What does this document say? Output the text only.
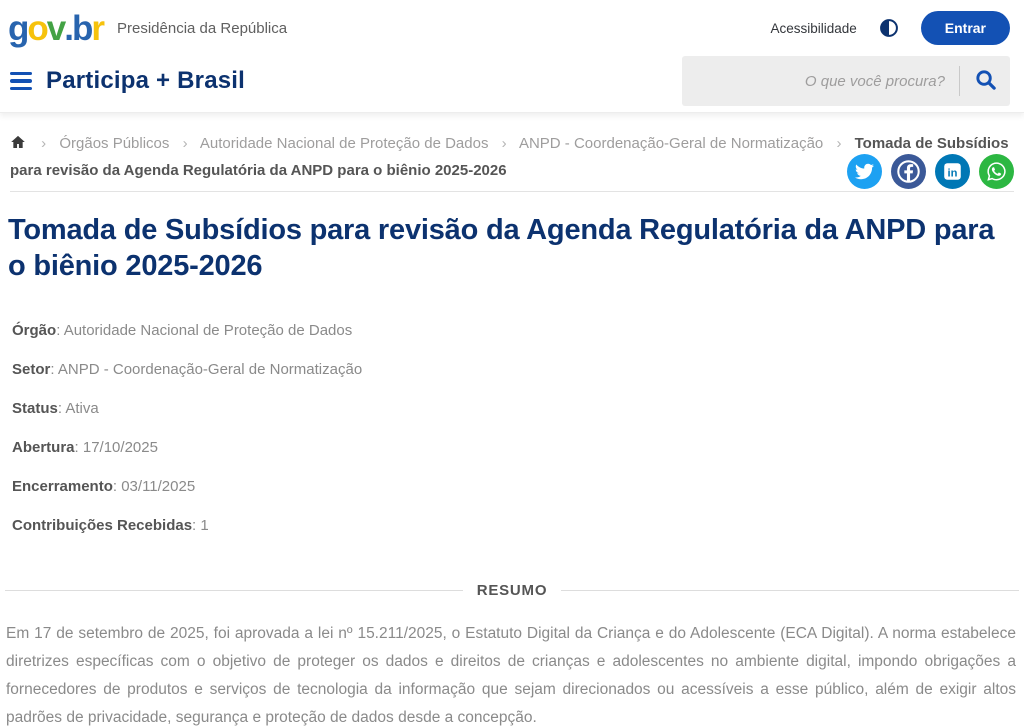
gov.br Presidência da República	Acessibilidade	Entrar
Participa + Brasil
O que você procura?
› Órgãos Públicos › Autoridade Nacional de Proteção de Dados › ANPD - Coordenação-Geral de Normatização › Tomada de Subsídios para revisão da Agenda Regulatória da ANPD para o biênio 2025-2026	in
Tomada de Subsídios para revisão da Agenda Regulatória da ANPD para o biênio 2025-2026

Órgão: Autoridade Nacional de Proteção de Dados

Setor: ANPD - Coordenação-Geral de Normatização

Status: Ativa

Abertura: 17/10/2025

Encerramento: 03/11/2025

Contribuições Recebidas: 1

RESUMO

Em 17 de setembro de 2025, foi aprovada a lei nº 15.211/2025, o Estatuto Digital da Criança e do Adolescente (ECA Digital). A norma estabelece diretrizes específicas com o objetivo de proteger os dados e direitos de crianças e adolescentes no ambiente digital, impondo obrigações a fornecedores de produtos e serviços de tecnologia da informação que sejam direcionados ou acessíveis a esse público, além de exigir altos padrões de privacidade, segurança e proteção de dados desde a concepção.
